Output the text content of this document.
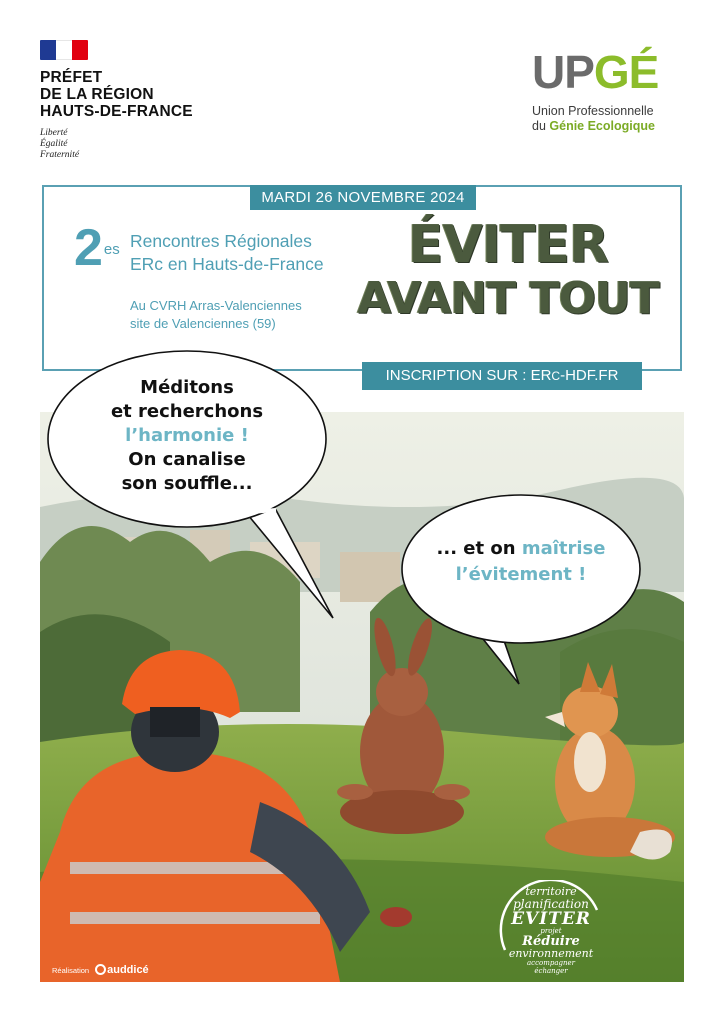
PRÉFET
DE LA RÉGION
HAUTS-DE-FRANCE
Liberté
Égalité
Fraternité
UPGÉ
Union Professionnelle
du Génie Ecologique
MARDI 26 NOVEMBRE 2024
$2^{es}$ Rencontres Régionales
ERc en Hauts-de-France
Au CVRH Arras-Valenciennes
site de Valenciennes (59)
ÉVITER
AVANT TOUT
INSCRIPTION SUR : ERC-HDF.FR
Méditons
et recherchons
l’harmonie !
On canalise
son souffle...
... et on maîtrise
l’évitement !
Réalisation auddicé
territoire
planification
ÉVITER
projet
Réduire
environnement
accompagner
échanger
